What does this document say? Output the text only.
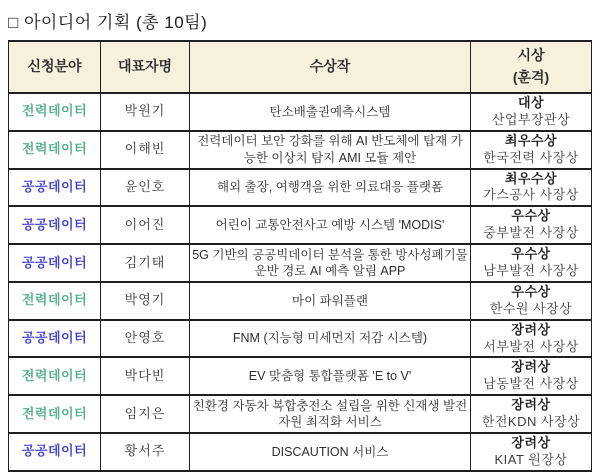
□ 아이디어 기획 (총 10팀)
신청분야	대표자명	수상작	시상
(훈격)

전력데이터	박원기	탄소배출권예측시스템	대상
산업부장관상

전력데이터	이해빈	전력데이터 보안 강화를 위해 AI 반도체에 탑재 가능한 이상치 탐지 AMI 모듈 제안	최우수상
한국전력 사장상

공공데이터	윤인호	해외 출장, 여행객을 위한 의료대응 플랫폼	최우수상
가스공사 사장상

공공데이터	이어진	어린이 교통안전사고 예방 시스템 'MODIS'	우수상
중부발전 사장상

공공데이터	김기태	5G 기반의 공공빅데이터 분석을 통한 방사성폐기물 운반 경로 AI 예측 알림 APP	우수상
남부발전 사장상

전력데이터	박영기	마이 파워플랜	우수상
한수원 사장상

공공데이터	안영호	FNM (지능형 미세먼지 저감 시스템)	장려상
서부발전 사장상

전력데이터	박다빈	EV 맞춤형 통합플랫폼 'E to V'	장려상
남동발전 사장상

전력데이터	임지은	친환경 자동차 복합충전소 설립을 위한 신재생 발전 자원 최적화 서비스	장려상
한전KDN 사장상

공공데이터	황서주	DISCAUTION 서비스	장려상
KIAT 원장상
